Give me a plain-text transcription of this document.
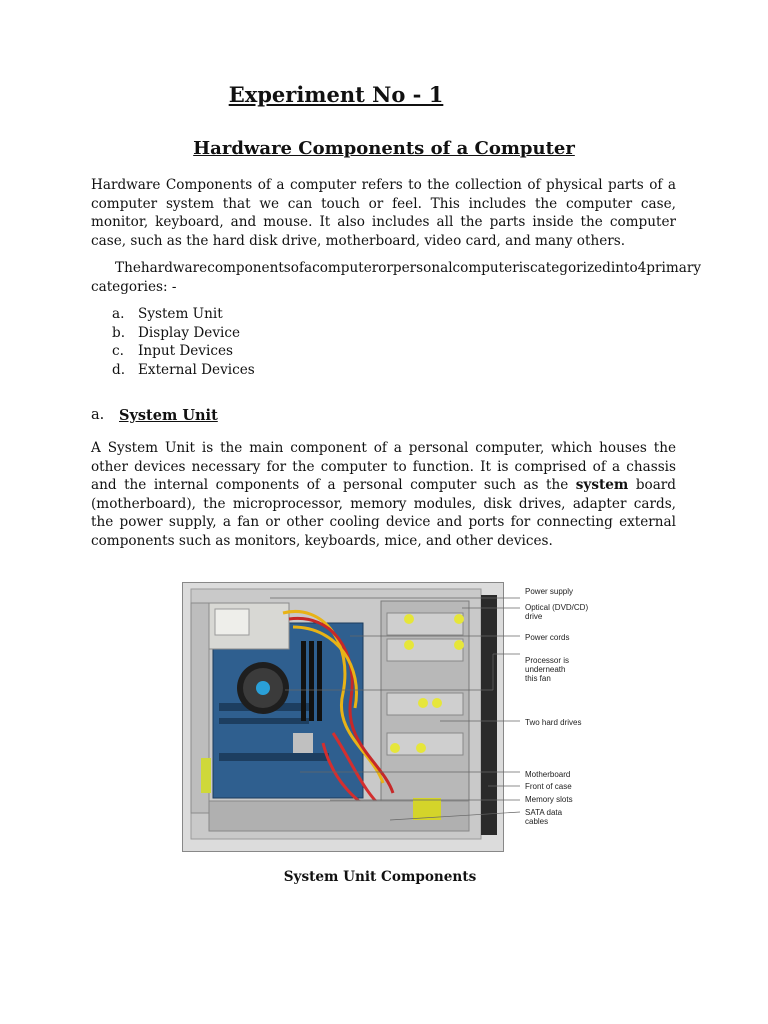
Experiment No - 1
Hardware Components of a Computer

Hardware Components of a computer refers to the collection of physical parts of a computer system that we can touch or feel. This includes the computer case, monitor, keyboard, and mouse. It also includes all the parts inside the computer case, such as the hard disk drive, motherboard, video card, and many others.

Thehardwarecomponentsofacomputerorpersonalcomputeriscategorizedinto4primary categories: -

a. System Unit
b. Display Device
c.	Input Devices
d. External Devices
a.	System Unit

A System Unit is the main component of a personal computer, which houses the other devices necessary for the computer to function. It is comprised of a chassis and the internal components of a personal computer such as the system board (motherboard), the microprocessor, memory modules, disk drives, adapter cards, the power supply, a fan or other cooling device and ports for connecting external components such as monitors, keyboards, mice, and other devices.

Power supply
Optical (DVD/CD) drive
Power cords
Processor is underneath this fan
Two hard drives
Motherboard
Front of case
Memory slots
SATA data cables
System Unit Components
